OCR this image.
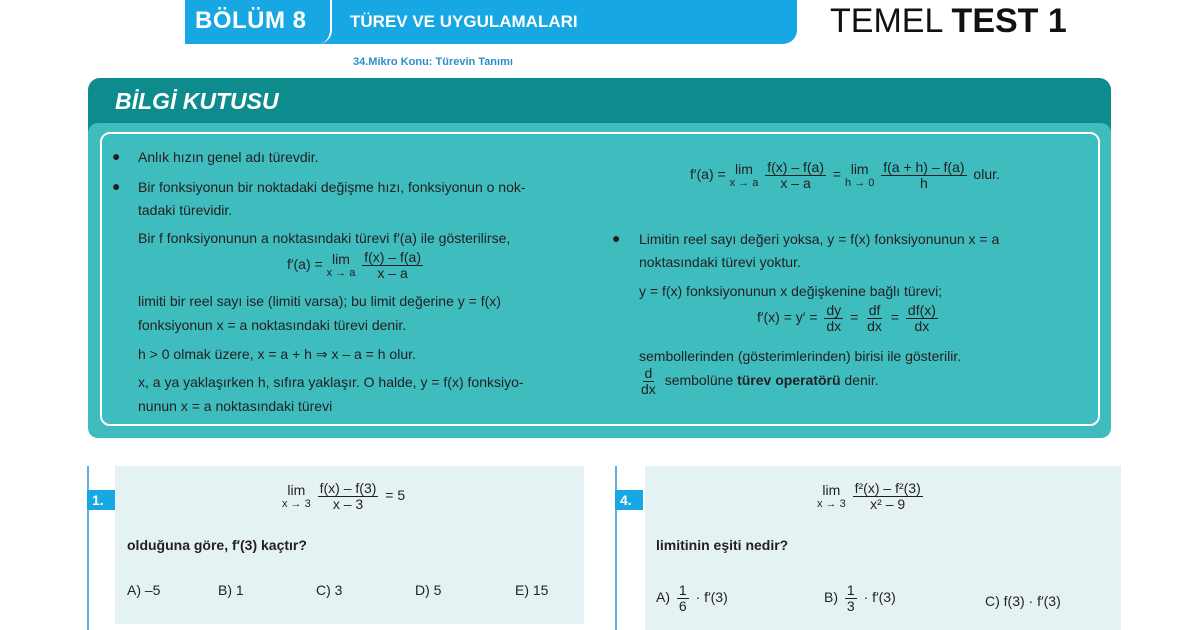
BÖLÜM 8	TÜREV VE UYGULAMALARI	TEMEL TEST 1
34.Mikro Konu: Türevin Tanımı
BİLGİ KUTUSU
● Anlık hızın genel adı türevdir.
● Bir fonksiyonun bir noktadaki değişme hızı, fonksiyonun o nok-
tadaki türevidir.
Bir f fonksiyonunun a noktasındaki türevi f′(a) ile gösterilirse,
f′(a) = lim
x → a
$\frac{f(x) - f(a)}{x - a}$
limiti bir reel sayı ise (limiti varsa); bu limit değerine y = f(x)
fonksiyonun x = a noktasındaki türevi denir.
h > 0 olmak üzere, x = a + h ⇒ x – a = h olur.
x, a ya yaklaşırken h, sıfıra yaklaşır. O halde, y = f(x) fonksiyo-
nunun x = a noktasındaki türevi
f′(a) = lim
x → a
$\frac{f(x) - f(a)}{x - a} = \lim$
h → 0
$\frac{f(a + h) - f(a)}{h}$ olur.
● Limitin reel sayı değeri yoksa, y = f(x) fonksiyonunun x = a
noktasındaki türevi yoktur.
y = f(x) fonksiyonunun x değişkenine bağlı türevi;
$f'(x) = y' = \frac{dy}{dx} = \frac{df}{dx} = \frac{df(x)}{dx}$
sembollerinden (gösterimlerinden) birisi ile gösterilir.
$\frac{d}{dx}$ sembolüne türev operatörü denir.
1.
lim
x → 3
$\frac{f(x) - f(3)}{x - 3} = 5$
olduğuna göre, f′(3) kaçtır?
A) –5	B) 1	C) 3	D) 5	E) 15
4.
lim
x → 3
$\frac{\text{f²(x) – f²(3)}}{\text{x² – 9}}$
limitinin eşiti nedir?
$A) \frac{1}{6} \cdot f'(3)$	$B) \frac{1}{3} \cdot f'(3)$	C) f(3) · f′(3)
